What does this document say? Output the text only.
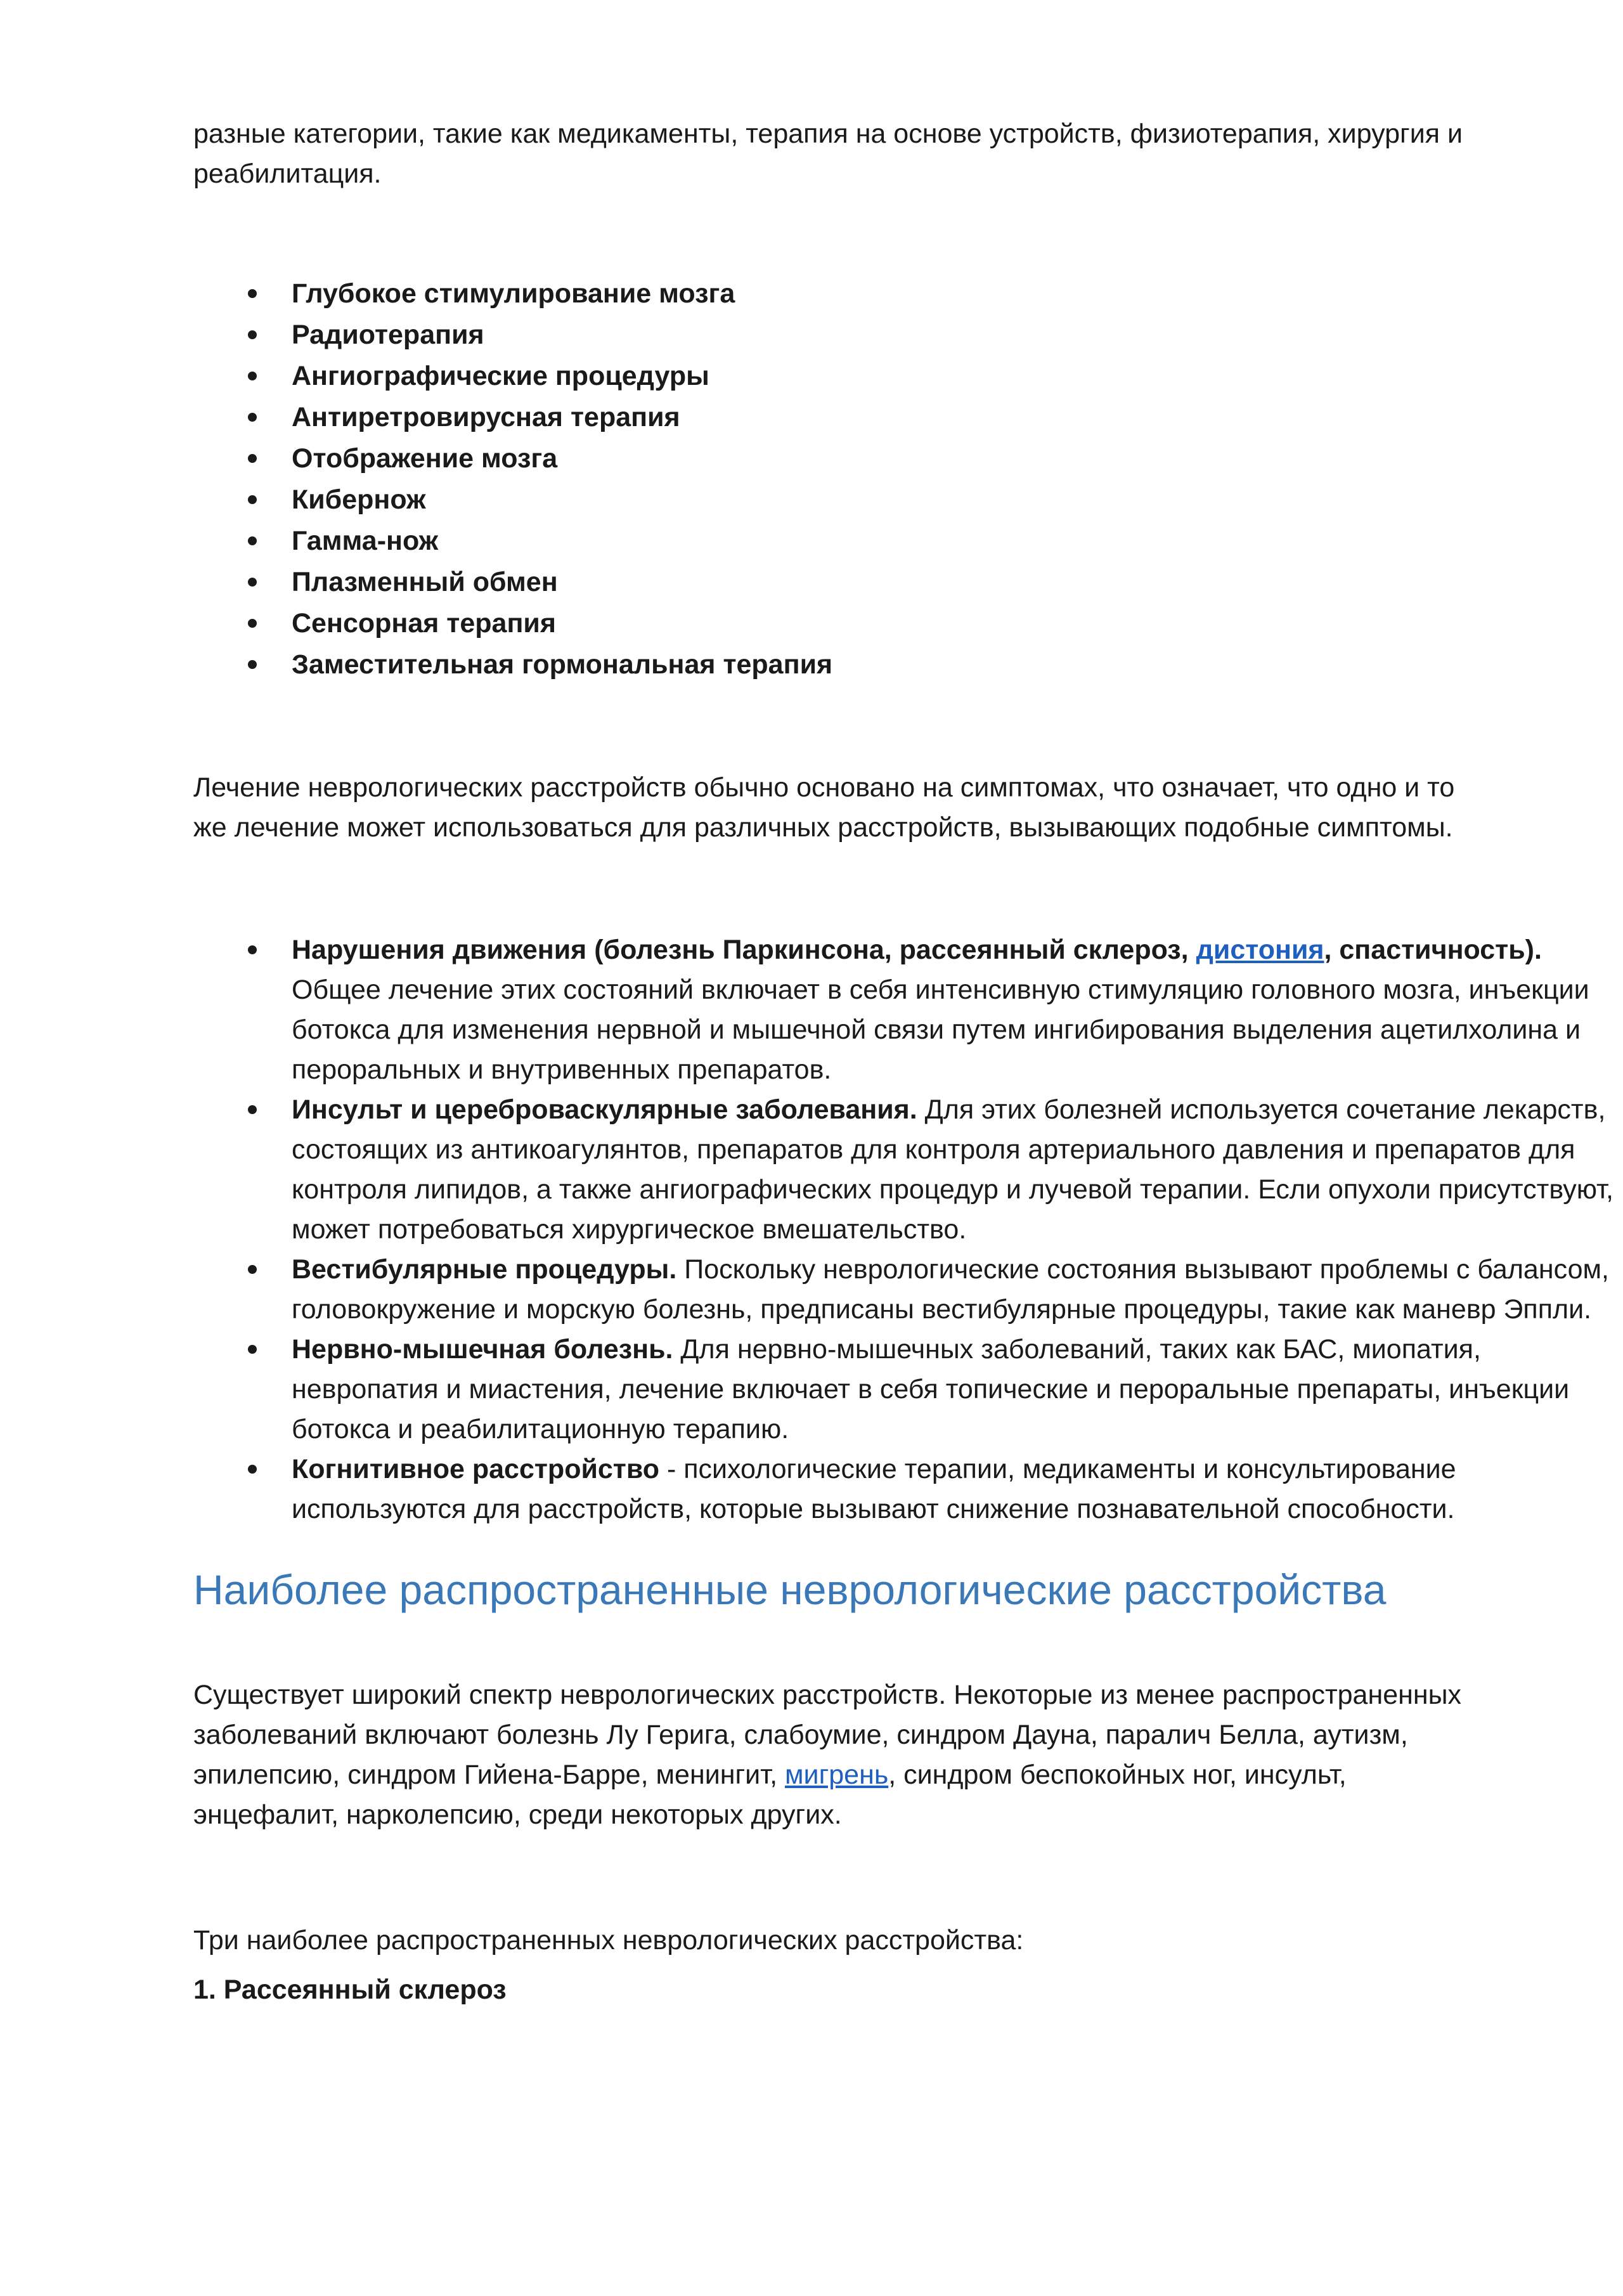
разные категории, такие как медикаменты, терапия на основе устройств, физиотерапия, хирургия и реабилитация.

Глубокое стимулирование мозга
Радиотерапия
Ангиографические процедуры
Антиретровирусная терапия
Отображение мозга
Кибернож
Гамма-нож
Плазменный обмен
Сенсорная терапия
Заместительная гормональная терапия

Лечение неврологических расстройств обычно основано на симптомах, что означает, что одно и то же лечение может использоваться для различных расстройств, вызывающих подобные симптомы.

Нарушения движения (болезнь Паркинсона, рассеянный склероз, дистония, спастичность). Общее лечение этих состояний включает в себя интенсивную стимуляцию головного мозга, инъекции ботокса для изменения нервной и мышечной связи путем ингибирования выделения ацетилхолина и пероральных и внутривенных препаратов.
Инсульт и цереброваскулярные заболевания. Для этих болезней используется сочетание лекарств, состоящих из антикоагулянтов, препаратов для контроля артериального давления и препаратов для контроля липидов, а также ангиографических процедур и лучевой терапии. Если опухоли присутствуют, может потребоваться хирургическое вмешательство.
Вестибулярные процедуры. Поскольку неврологические состояния вызывают проблемы с балансом, головокружение и морскую болезнь, предписаны вестибулярные процедуры, такие как маневр Эппли.
Нервно-мышечная болезнь. Для нервно-мышечных заболеваний, таких как БАС, миопатия, невропатия и миастения, лечение включает в себя топические и пероральные препараты, инъекции ботокса и реабилитационную терапию.
Когнитивное расстройство - психологические терапии, медикаменты и консультирование используются для расстройств, которые вызывают снижение познавательной способности.
Наиболее распространенные неврологические расстройства

Существует широкий спектр неврологических расстройств. Некоторые из менее распространенных заболеваний включают болезнь Лу Герига, слабоумие, синдром Дауна, паралич Белла, аутизм, эпилепсию, синдром Гийена-Барре, менингит, мигрень, синдром беспокойных ног, инсульт, энцефалит, нарколепсию, среди некоторых других.

Три наиболее распространенных неврологических расстройства:

1. Рассеянный склероз
